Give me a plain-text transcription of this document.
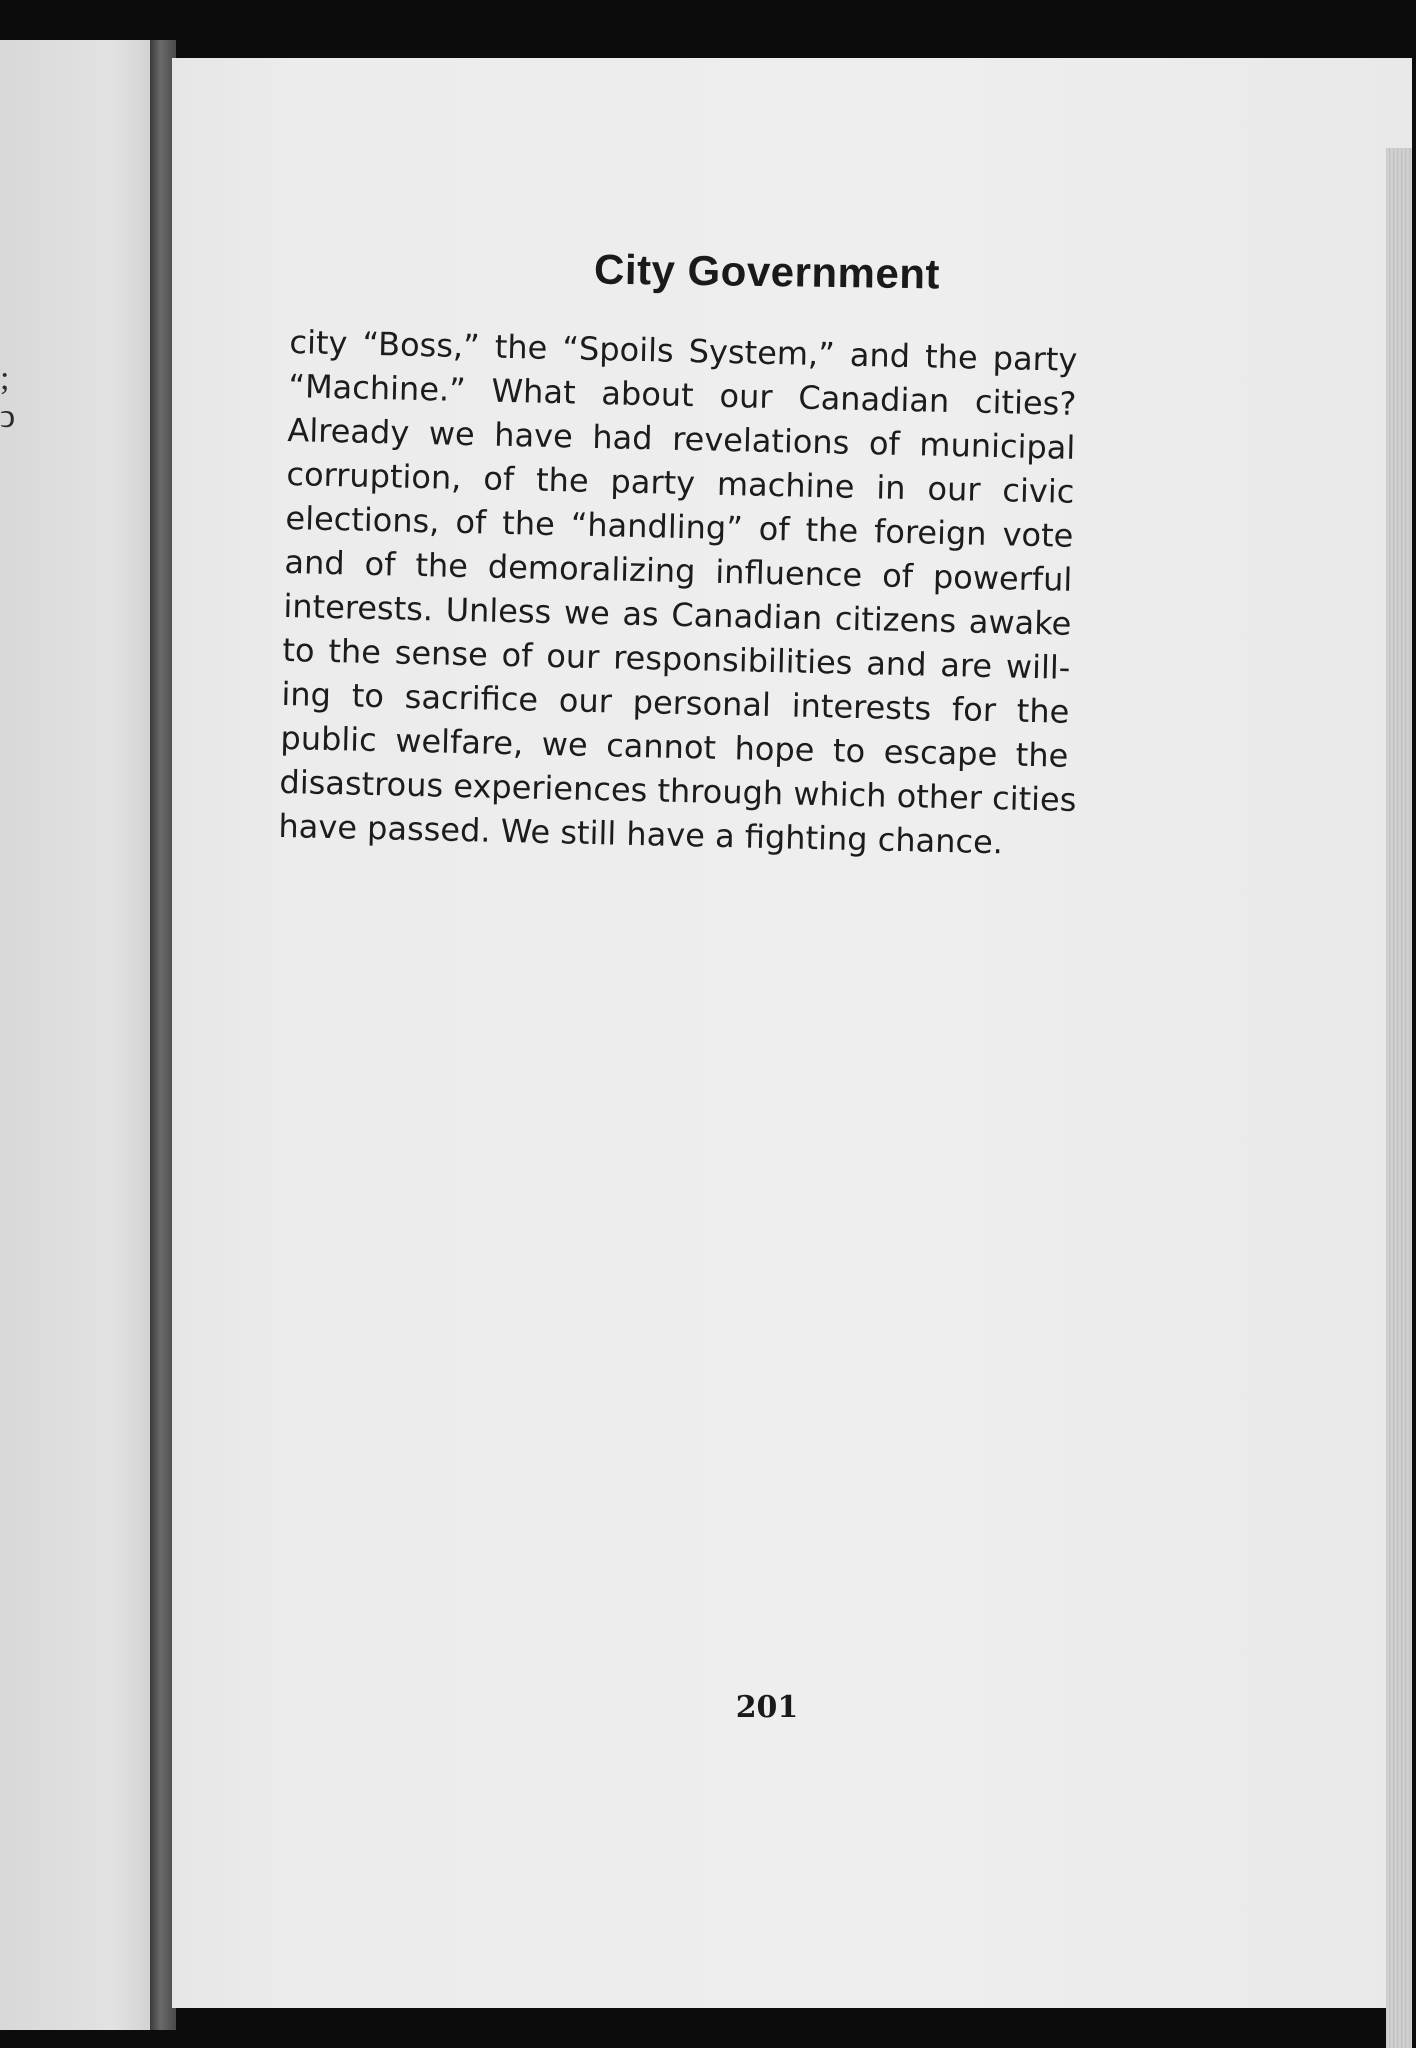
;
ↄ
City Government
city “Boss,” the “Spoils System,” and the party
“Machine.” What about our Canadian cities?
Already we have had revelations of municipal
corruption, of the party machine in our civic
elections, of the “handling” of the foreign vote
and of the demoralizing influence of powerful
interests. Unless we as Canadian citizens awake
to the sense of our responsibilities and are will-
ing to sacrifice our personal interests for the
public welfare, we cannot hope to escape the
disastrous experiences through which other cities
have passed. We still have a fighting chance.
201
